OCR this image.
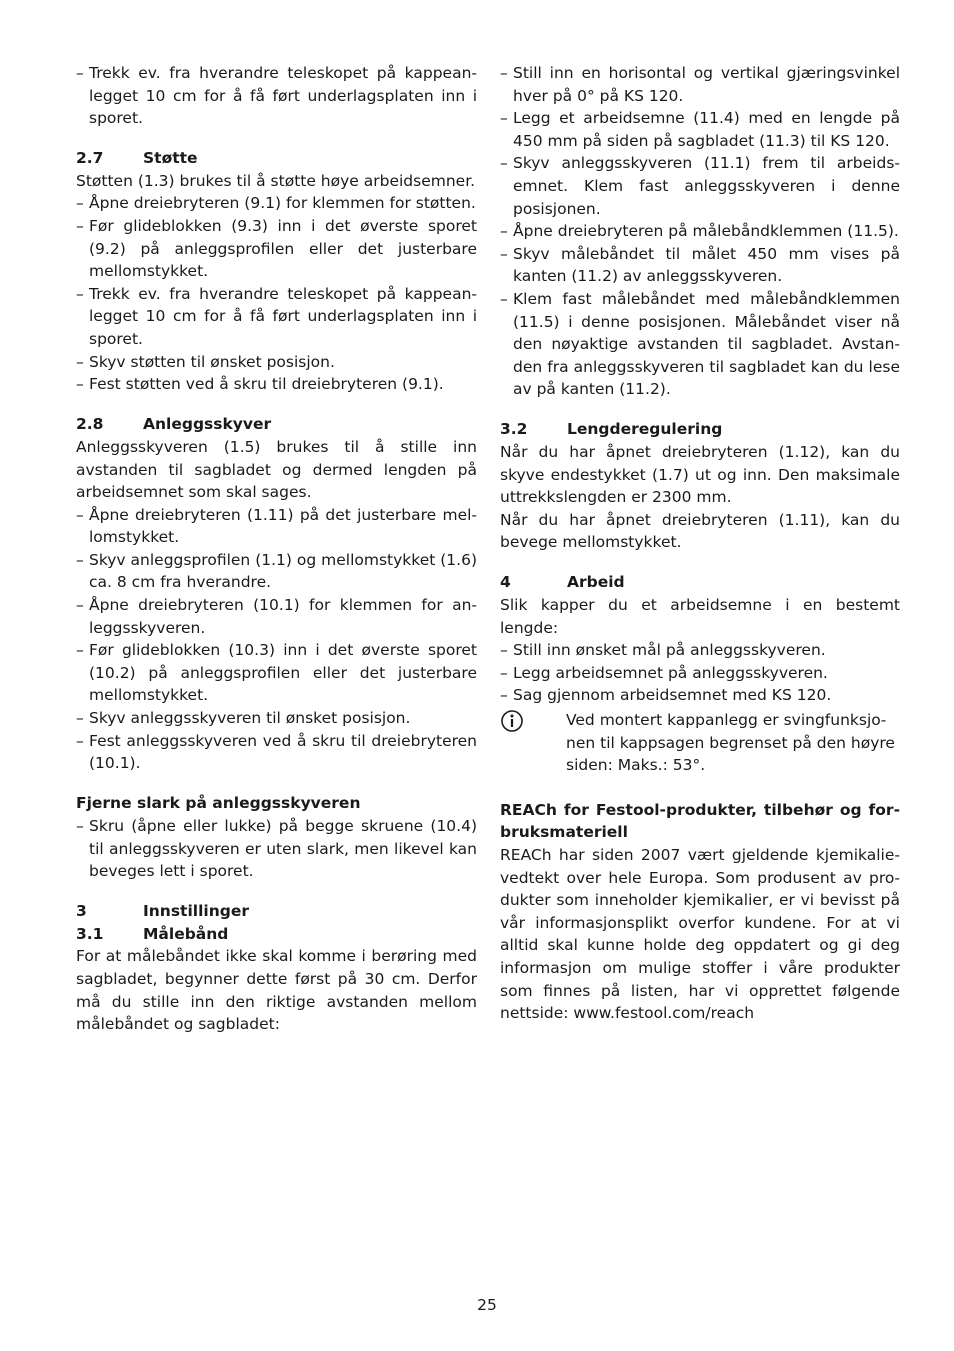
– Trekk ev. fra hverandre teleskopet på kappeanlegget 10 cm for å få ført underlagsplaten inn i sporet.
2.7	Støtte

Støtten (1.3) brukes til å støtte høye arbeidsemner.

– Åpne dreiebryteren (9.1) for klemmen for støtten.
– Før glideblokken (9.3) inn i det øverste sporet (9.2) på anleggsprofilen eller det justerbare mellomstykket.
– Trekk ev. fra hverandre teleskopet på kappeanlegget 10 cm for å få ført underlagsplaten inn i sporet.
– Skyv støtten til ønsket posisjon.
– Fest støtten ved å skru til dreiebryteren (9.1).
2.8	Anleggsskyver

Anleggsskyveren (1.5) brukes til å stille inn avstanden til sagbladet og dermed lengden på arbeidsemnet som skal sages.

– Åpne dreiebryteren (1.11) på det justerbare mellomstykket.
– Skyv anleggsprofilen (1.1) og mellomstykket (1.6) ca. 8 cm fra hverandre.
– Åpne dreiebryteren (10.1) for klemmen for anleggsskyveren.
– Før glideblokken (10.3) inn i det øverste sporet (10.2) på anleggsprofilen eller det justerbare mellomstykket.
– Skyv anleggsskyveren til ønsket posisjon.
– Fest anleggsskyveren ved å skru til dreiebryteren (10.1).
Fjerne slark på anleggsskyveren
– Skru (åpne eller lukke) på begge skruene (10.4) til anleggsskyveren er uten slark, men likevel kan beveges lett i sporet.
3	Innstillinger
3.1	Målebånd

For at målebåndet ikke skal komme i berøring med sagbladet, begynner dette først på 30 cm. Derfor må du stille inn den riktige avstanden mellom målebåndet og sagbladet:

– Still inn en horisontal og vertikal gjæringsvinkel hver på 0° på KS 120.
– Legg et arbeidsemne (11.4) med en lengde på 450 mm på siden på sagbladet (11.3) til KS 120.
– Skyv anleggsskyveren (11.1) frem til arbeidsemnet. Klem fast anleggsskyveren i denne posisjonen.
– Åpne dreiebryteren på målebåndklemmen (11.5).
– Skyv målebåndet til målet 450 mm vises på kanten (11.2) av anleggsskyveren.
– Klem fast målebåndet med målebåndklemmen (11.5) i denne posisjonen. Målebåndet viser nå den nøyaktige avstanden til sagbladet. Avstanden fra anleggsskyveren til sagbladet kan du lese av på kanten (11.2).
3.2	Lengderegulering

Når du har åpnet dreiebryteren (1.12), kan du skyve endestykket (1.7) ut og inn. Den maksimale uttrekkslengden er 2300 mm.

Når du har åpnet dreiebryteren (1.11), kan du bevege mellomstykket.

4	Arbeid

Slik kapper du et arbeidsemne i en bestemt lengde:

– Still inn ønsket mål på anleggsskyveren.
– Legg arbeidsemnet på anleggsskyveren.
– Sag gjennom arbeidsemnet med KS 120.
Ved montert kappanlegg er svingfunksjonen til kappsagen begrenset på den høyre siden: Maks.: 53°.

REACh for Festool-produkter, tilbehør og forbruksmateriell

REACh har siden 2007 vært gjeldende kjemikalievedtekt over hele Europa. Som produsent av produkter som inneholder kjemikalier, er vi bevisst på vår informasjonsplikt overfor kundene. For at vi alltid skal kunne holde deg oppdatert og gi deg informasjon om mulige stoffer i våre produkter som finnes på listen, har vi opprettet følgende nettside: www.festool.com/reach

25
